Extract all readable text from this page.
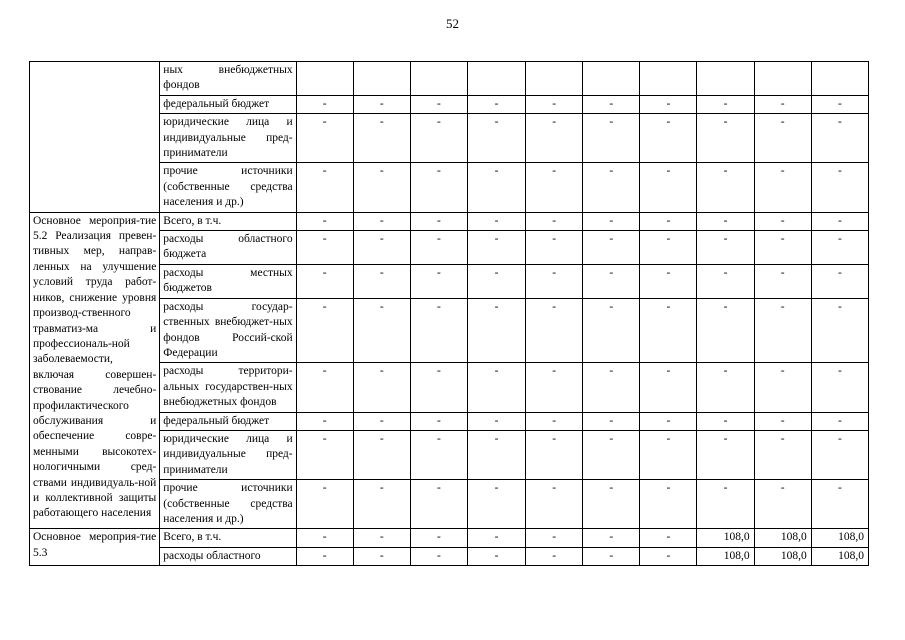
52
	ных внебюджетных фондов										
	федеральный бюджет	-	-	-	-	-	-	-	-	-	-
	юридические лица и индивидуальные пред-приниматели	-	-	-	-	-	-	-	-	-	-
	прочие источники (собственные средства населения и др.)	-	-	-	-	-	-	-	-	-	-
Основное мероприя-тие 5.2 Реализация превен-тивных мер, направ-ленных на улучшение условий труда работ-ников, снижение уровня производ-ственного травматиз-ма и профессиональ-ной заболеваемости, включая совершен-ствование лечебно-профилактического обслуживания и обеспечение совре-менными высокотех-нологичными сред-ствами индивидуаль-ной и коллективной защиты работающего населения	Всего, в т.ч.	-	-	-	-	-	-	-	-	-	-
	расходы областного бюджета	-	-	-	-	-	-	-	-	-	-
	расходы местных бюджетов	-	-	-	-	-	-	-	-	-	-
	расходы государ-ственных внебюджет-ных фондов Россий-ской Федерации	-	-	-	-	-	-	-	-	-	-
	расходы территори-альных государствен-ных внебюджетных фондов	-	-	-	-	-	-	-	-	-	-
	федеральный бюджет	-	-	-	-	-	-	-	-	-	-
	юридические лица и индивидуальные пред-приниматели	-	-	-	-	-	-	-	-	-	-
	прочие источники (собственные средства населения и др.)	-	-	-	-	-	-	-	-	-	-
Основное мероприя-тие 5.3	Всего, в т.ч.	-	-	-	-	-	-	-	108,0	108,0	108,0
	расходы областного	-	-	-	-	-	-	-	108,0	108,0	108,0
